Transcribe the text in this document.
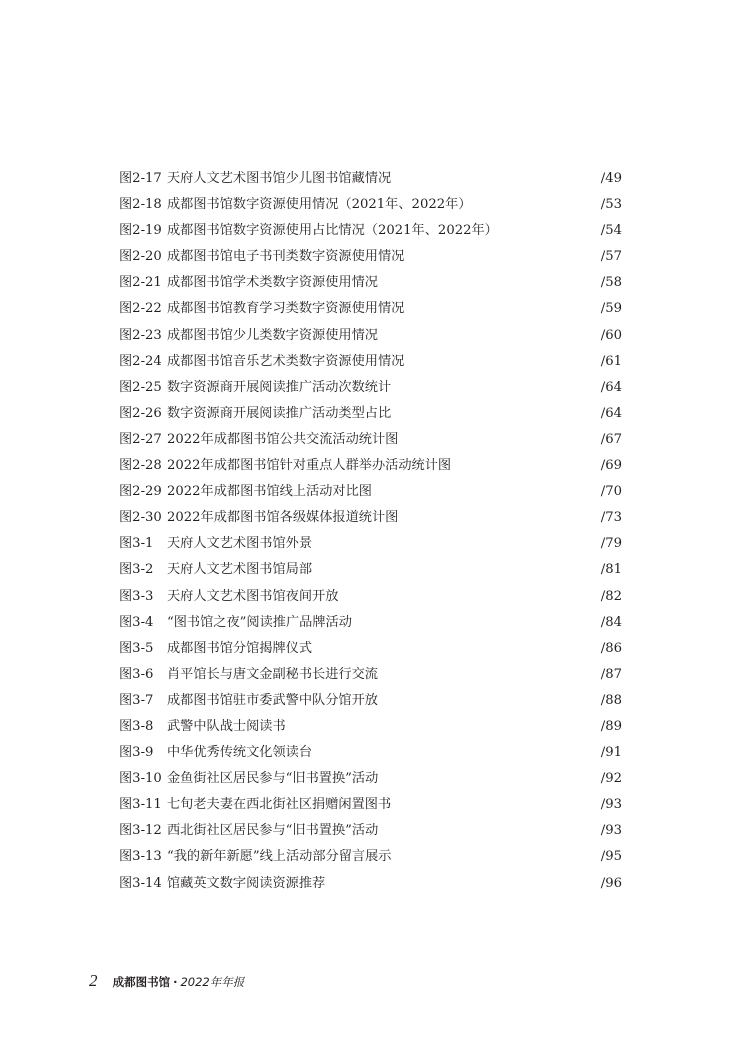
图2-17 天府人文艺术图书馆少儿图书馆藏情况	/49
图2-18 成都图书馆数字资源使用情况（2021年、2022年）	/53
图2-19 成都图书馆数字资源使用占比情况（2021年、2022年）	/54
图2-20 成都图书馆电子书刊类数字资源使用情况	/57
图2-21 成都图书馆学术类数字资源使用情况	/58
图2-22 成都图书馆教育学习类数字资源使用情况	/59
图2-23 成都图书馆少儿类数字资源使用情况	/60
图2-24 成都图书馆音乐艺术类数字资源使用情况	/61
图2-25 数字资源商开展阅读推广活动次数统计	/64
图2-26 数字资源商开展阅读推广活动类型占比	/64
图2-27 2022年成都图书馆公共交流活动统计图	/67
图2-28 2022年成都图书馆针对重点人群举办活动统计图	/69
图2-29 2022年成都图书馆线上活动对比图	/70
图2-30 2022年成都图书馆各级媒体报道统计图	/73
图3-1 天府人文艺术图书馆外景	/79
图3-2 天府人文艺术图书馆局部	/81
图3-3 天府人文艺术图书馆夜间开放	/82
图3-4 “图书馆之夜”阅读推广品牌活动	/84
图3-5 成都图书馆分馆揭牌仪式	/86
图3-6 肖平馆长与唐文金副秘书长进行交流	/87
图3-7 成都图书馆驻市委武警中队分馆开放	/88
图3-8 武警中队战士阅读书	/89
图3-9 中华优秀传统文化领读台	/91
图3-10 金鱼街社区居民参与“旧书置换”活动	/92
图3-11 七旬老夫妻在西北街社区捐赠闲置图书	/93
图3-12 西北街社区居民参与“旧书置换”活动	/93
图3-13 “我的新年新愿”线上活动部分留言展示	/95
图3-14 馆藏英文数字阅读资源推荐	/96
2 成都图书馆 · 2022年年报
